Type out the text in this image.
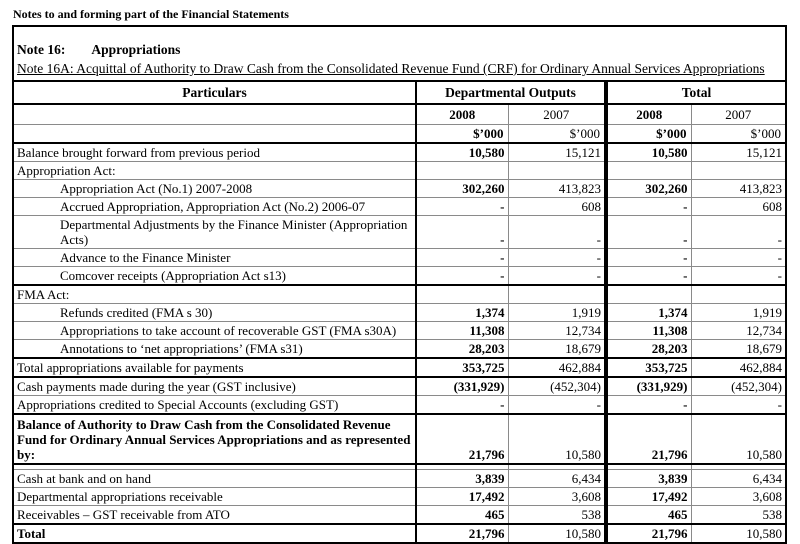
Notes to and forming part of the Financial Statements
Note 16: Appropriations
Note 16A: Acquittal of Authority to Draw Cash from the Consolidated Revenue Fund (CRF) for Ordinary Annual Services Appropriations
Particulars	Departmental Outputs		Total	
	2008	2007	2008	2007
	$’000	$’000	$’000	$’000
Balance brought forward from previous period	10,580	15,121	10,580	15,121
Appropriation Act:				
Appropriation Act (No.1) 2007-2008	302,260	413,823	302,260	413,823
Accrued Appropriation, Appropriation Act (No.2) 2006-07	-	608	-	608
Departmental Adjustments by the Finance Minister (Appropriation Acts)	-	-	-	-
Advance to the Finance Minister	-	-	-	-
Comcover receipts (Appropriation Act s13)	-	-	-	-
FMA Act:				
Refunds credited (FMA s 30)	1,374	1,919	1,374	1,919
Appropriations to take account of recoverable GST (FMA s30A)	11,308	12,734	11,308	12,734
Annotations to ‘net appropriations’ (FMA s31)	28,203	18,679	28,203	18,679
Total appropriations available for payments	353,725	462,884	353,725	462,884
Cash payments made during the year (GST inclusive)	(331,929)	(452,304)	(331,929)	(452,304)
Appropriations credited to Special Accounts (excluding GST)	-	-	-	-
Balance of Authority to Draw Cash from the Consolidated Revenue Fund for Ordinary Annual Services Appropriations and as represented by:	21,796	10,580	21,796	10,580

Cash at bank and on hand	3,839	6,434	3,839	6,434
Departmental appropriations receivable	17,492	3,608	17,492	3,608
Receivables – GST receivable from ATO	465	538	465	538
Total	21,796	10,580	21,796	10,580
